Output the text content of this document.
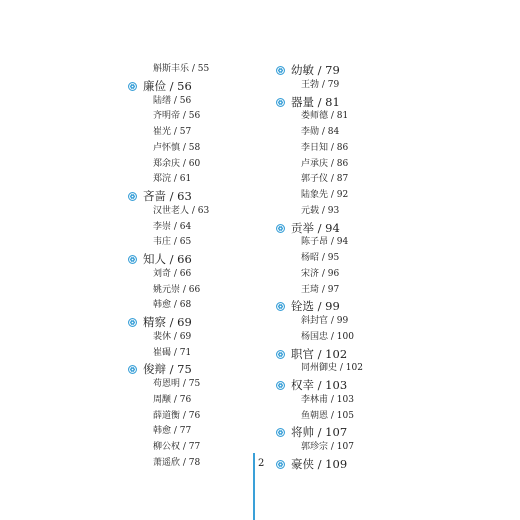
斛斯丰乐 / 55
廉俭 / 56
陆缮 / 56
齐明帝 / 56
崔光 / 57
卢怀慎 / 58
郑余庆 / 60
郑浣 / 61
吝啬 / 63
汉世老人 / 63
李崇 / 64
韦庄 / 65
知人 / 66
刘奇 / 66
姚元崇 / 66
韩愈 / 68
精察 / 69
裴休 / 69
崔碣 / 71
俊辩 / 75
苟恩明 / 75
周颙 / 76
薛道衡 / 76
韩愈 / 77
柳公权 / 77
萧遥欣 / 78
幼敏 / 79
王勃 / 79
器量 / 81
娄师德 / 81
李勋 / 84
李日知 / 86
卢承庆 / 86
郭子仪 / 87
陆象先 / 92
元载 / 93
贡举 / 94
陈子昂 / 94
杨昭 / 95
宋济 / 96
王琦 / 97
铨选 / 99
斜封官 / 99
杨国忠 / 100
职官 / 102
同州御史 / 102
权幸 / 103
李林甫 / 103
鱼朝恩 / 105
将帅 / 107
郭珍宗 / 107
豪侠 / 109
2
